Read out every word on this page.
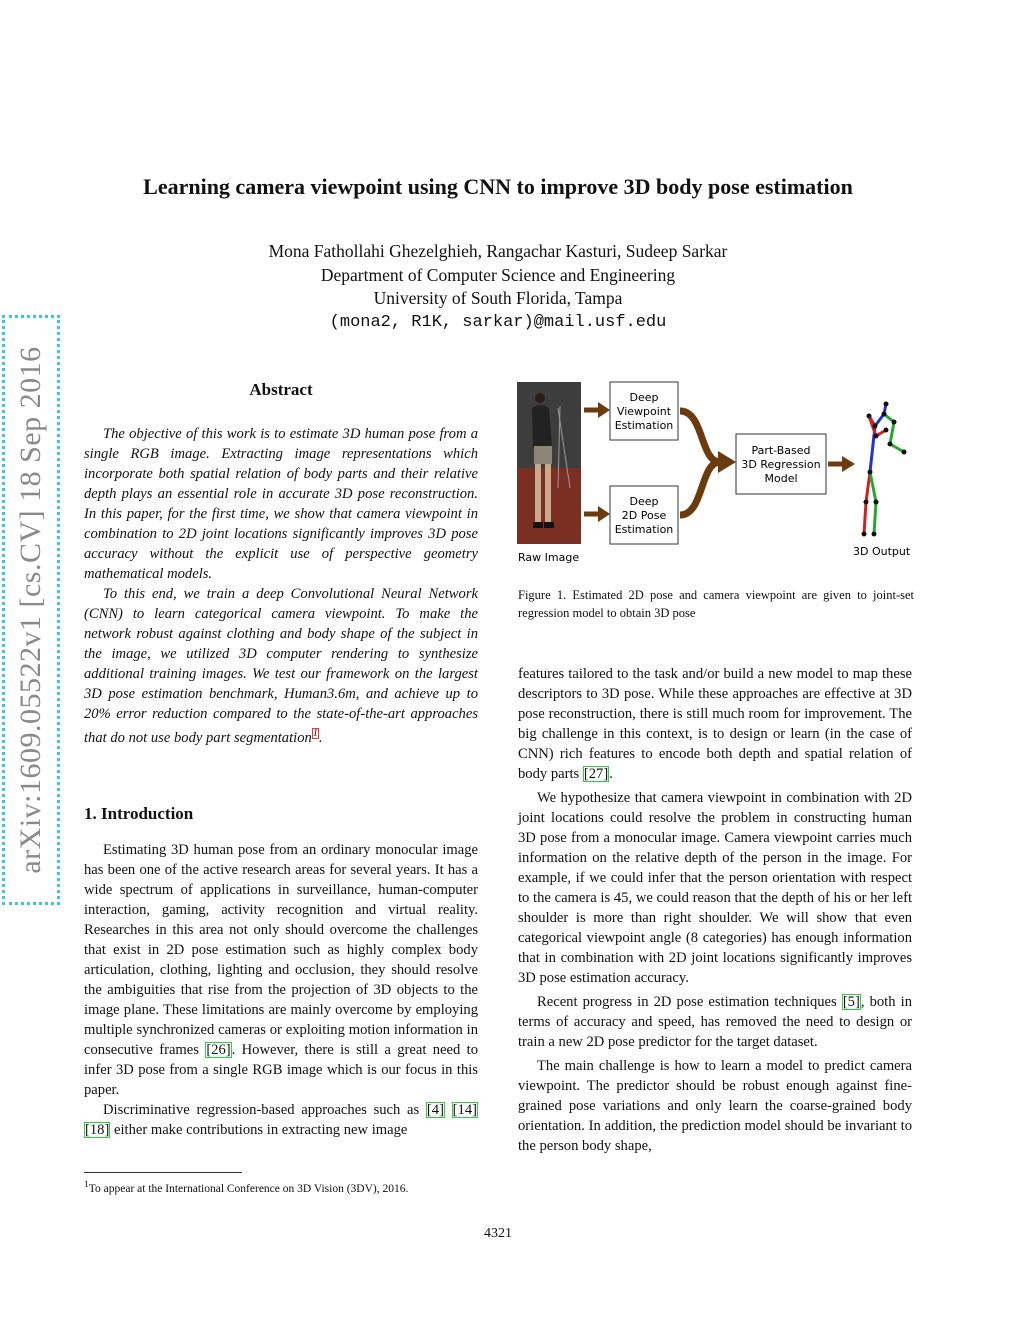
arXiv:1609.05522v1 [cs.CV] 18 Sep 2016
Learning camera viewpoint using CNN to improve 3D body pose estimation
Mona Fathollahi Ghezelghieh, Rangachar Kasturi, Sudeep Sarkar
Department of Computer Science and Engineering
University of South Florida, Tampa
(mona2, R1K, sarkar)@mail.usf.edu
Abstract

The objective of this work is to estimate 3D human pose from a single RGB image. Extracting image representations which incorporate both spatial relation of body parts and their relative depth plays an essential role in accurate 3D pose reconstruction. In this paper, for the first time, we show that camera viewpoint in combination to 2D joint locations significantly improves 3D pose accuracy without the explicit use of perspective geometry mathematical models.

To this end, we train a deep Convolutional Neural Network (CNN) to learn categorical camera viewpoint. To make the network robust against clothing and body shape of the subject in the image, we utilized 3D computer rendering to synthesize additional training images. We test our framework on the largest 3D pose estimation benchmark, Human3.6m, and achieve up to 20% error reduction compared to the state-of-the-art approaches that do not use body part segmentation$^1$.

1. Introduction

Estimating 3D human pose from an ordinary monocular image has been one of the active research areas for several years. It has a wide spectrum of applications in surveillance, human-computer interaction, gaming, activity recognition and virtual reality. Researches in this area not only should overcome the challenges that exist in 2D pose estimation such as highly complex body articulation, clothing, lighting and occlusion, they should resolve the ambiguities that rise from the projection of 3D objects to the image plane. These limitations are mainly overcome by employing multiple synchronized cameras or exploiting motion information in consecutive frames [26]. However, there is still a great need to infer 3D pose from a single RGB image which is our focus in this paper.

Discriminative regression-based approaches such as [4] [14] [18] either make contributions in extracting new image

$^1$To appear at the International Conference on 3D Vision (3DV), 2016.
Raw Image
Deep
Viewpoint
Estimation
Deep
2D Pose
Estimation
Part-Based
3D Regression
Model
3D Output
Figure 1. Estimated 2D pose and camera viewpoint are given to joint-set regression model to obtain 3D pose

features tailored to the task and/or build a new model to map these descriptors to 3D pose. While these approaches are effective at 3D pose reconstruction, there is still much room for improvement. The big challenge in this context, is to design or learn (in the case of CNN) rich features to encode both depth and spatial relation of body parts [27].

We hypothesize that camera viewpoint in combination with 2D joint locations could resolve the problem in constructing human 3D pose from a monocular image. Camera viewpoint carries much information on the relative depth of the person in the image. For example, if we could infer that the person orientation with respect to the camera is 45, we could reason that the depth of his or her left shoulder is more than right shoulder. We will show that even categorical viewpoint angle (8 categories) has enough information that in combination with 2D joint locations significantly improves 3D pose estimation accuracy.

Recent progress in 2D pose estimation techniques [5], both in terms of accuracy and speed, has removed the need to design or train a new 2D pose predictor for the target dataset.

The main challenge is how to learn a model to predict camera viewpoint. The predictor should be robust enough against fine-grained pose variations and only learn the coarse-grained body orientation. In addition, the prediction model should be invariant to the person body shape,

4321
